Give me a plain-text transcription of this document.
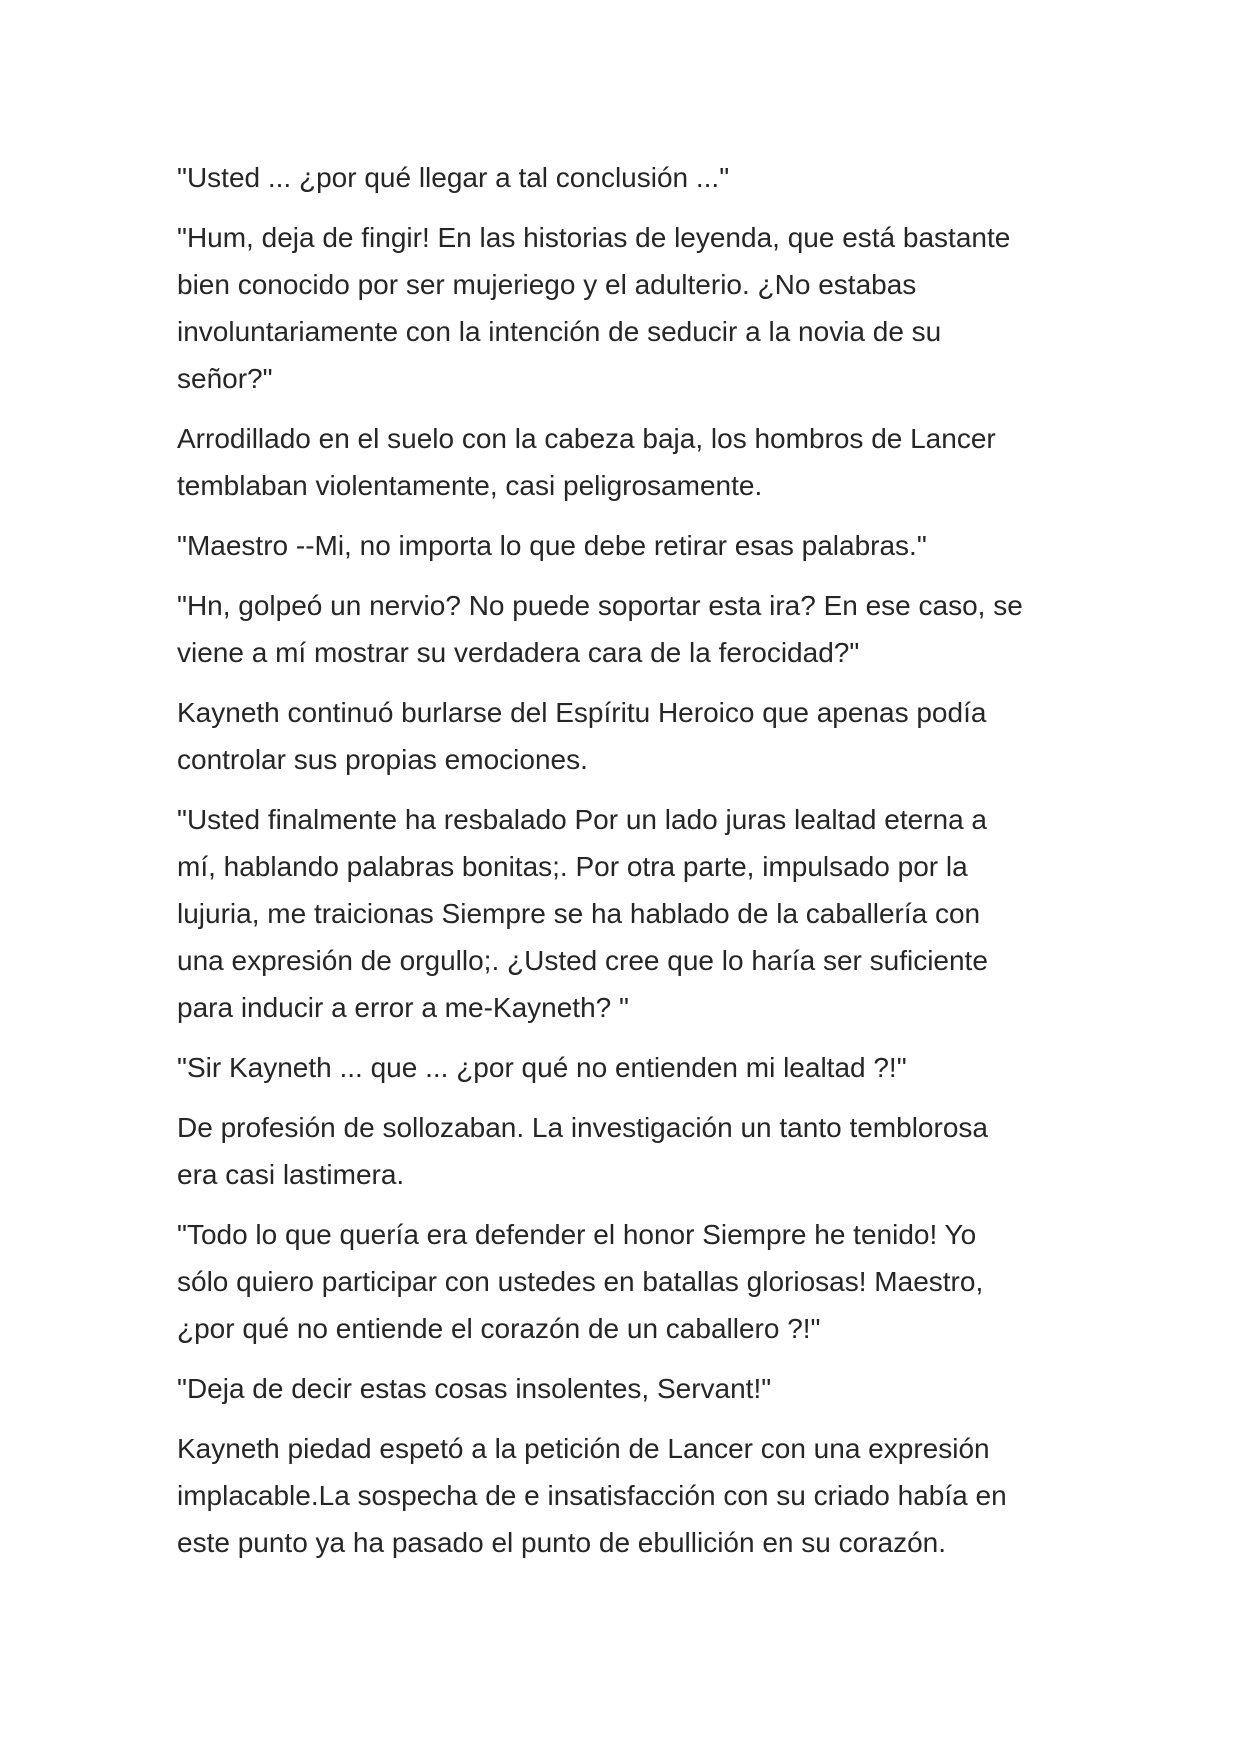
"Usted ... ¿por qué llegar a tal conclusión ..."

"Hum, deja de fingir! En las historias de leyenda, que está bastante
bien conocido por ser mujeriego y el adulterio. ¿No estabas
involuntariamente con la intención de seducir a la novia de su
señor?"

Arrodillado en el suelo con la cabeza baja, los hombros de Lancer
temblaban violentamente, casi peligrosamente.

"Maestro --Mi, no importa lo que debe retirar esas palabras."

"Hn, golpeó un nervio? No puede soportar esta ira? En ese caso, se
viene a mí mostrar su verdadera cara de la ferocidad?"

Kayneth continuó burlarse del Espíritu Heroico que apenas podía
controlar sus propias emociones.

"Usted finalmente ha resbalado Por un lado juras lealtad eterna a
mí, hablando palabras bonitas;. Por otra parte, impulsado por la
lujuria, me traicionas Siempre se ha hablado de la caballería con
una expresión de orgullo;. ¿Usted cree que lo haría ser suficiente
para inducir a error a me-Kayneth? "

"Sir Kayneth ... que ... ¿por qué no entienden mi lealtad ?!"

De profesión de sollozaban. La investigación un tanto temblorosa
era casi lastimera.

"Todo lo que quería era defender el honor Siempre he tenido! Yo
sólo quiero participar con ustedes en batallas gloriosas! Maestro,
¿por qué no entiende el corazón de un caballero ?!"

"Deja de decir estas cosas insolentes, Servant!"

Kayneth piedad espetó a la petición de Lancer con una expresión
implacable.La sospecha de e insatisfacción con su criado había en
este punto ya ha pasado el punto de ebullición en su corazón.
